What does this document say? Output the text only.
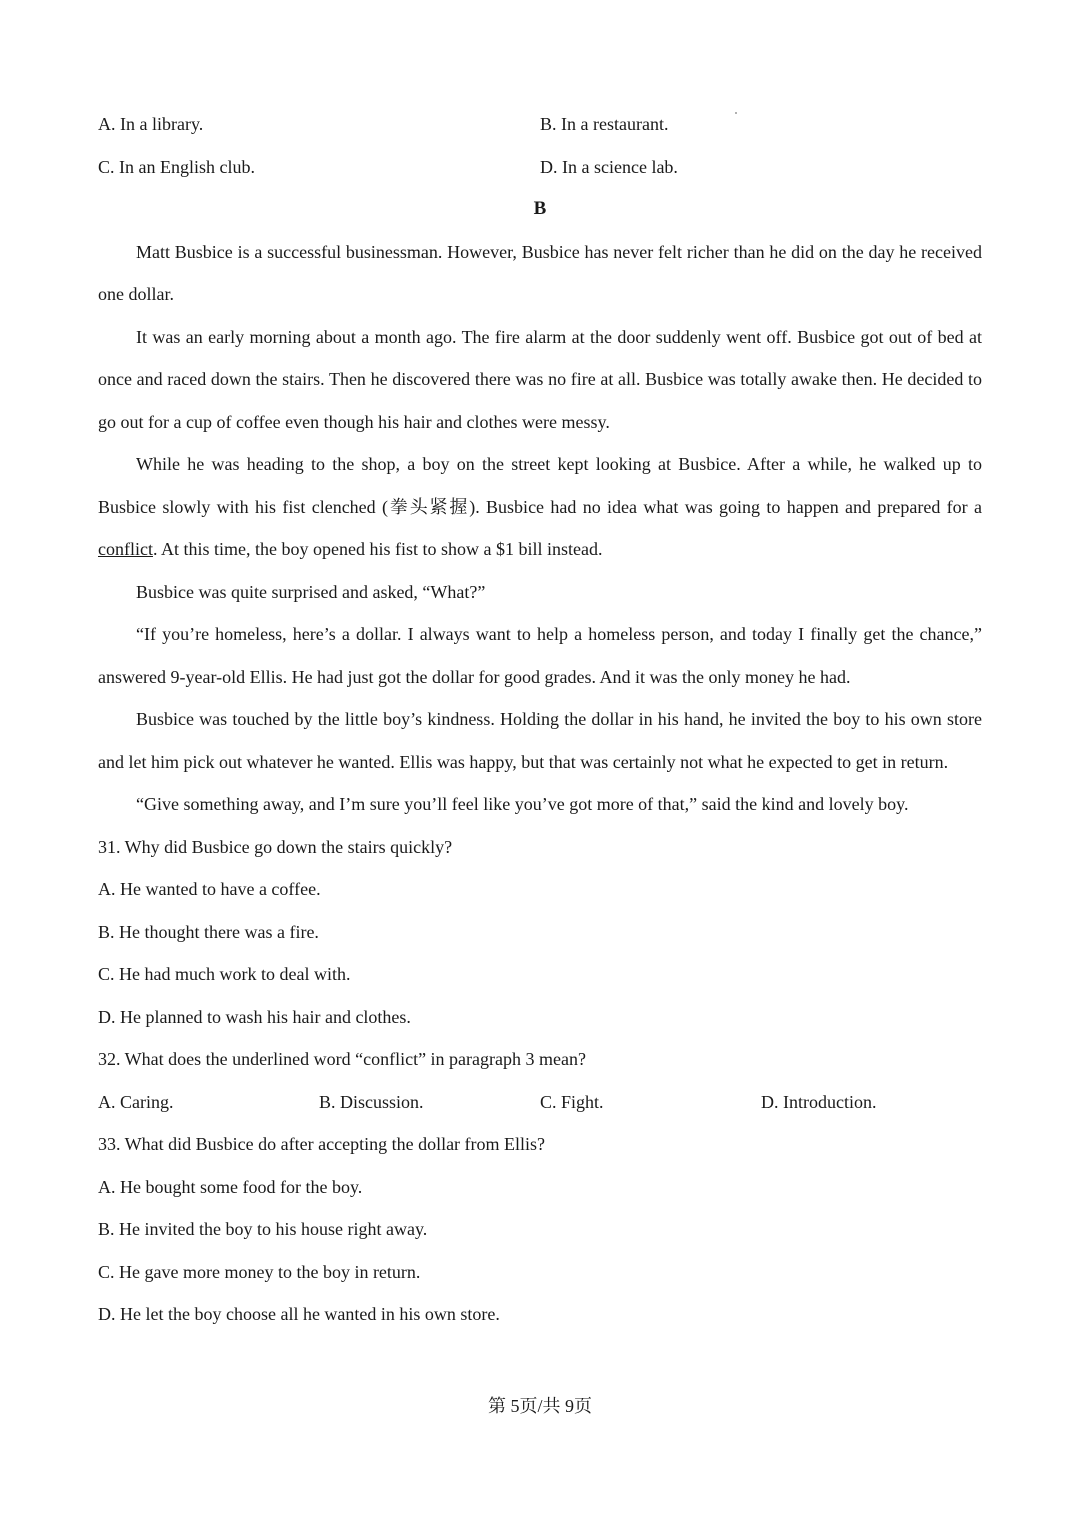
A. In a library.	B. In a restaurant.
C. In an English club.	D. In a science lab.
B
Matt Busbice is a successful businessman. However, Busbice has never felt richer than he did on the day he received one dollar.
It was an early morning about a month ago. The fire alarm at the door suddenly went off. Busbice got out of bed at once and raced down the stairs. Then he discovered there was no fire at all. Busbice was totally awake then. He decided to go out for a cup of coffee even though his hair and clothes were messy.
While he was heading to the shop, a boy on the street kept looking at Busbice. After a while, he walked up to Busbice slowly with his fist clenched (拳头紧握). Busbice had no idea what was going to happen and prepared for a conflict. At this time, the boy opened his fist to show a $1 bill instead.
Busbice was quite surprised and asked, “What?”
“If you’re homeless, here’s a dollar. I always want to help a homeless person, and today I finally get the chance,” answered 9-year-old Ellis. He had just got the dollar for good grades. And it was the only money he had.
Busbice was touched by the little boy’s kindness. Holding the dollar in his hand, he invited the boy to his own store and let him pick out whatever he wanted. Ellis was happy, but that was certainly not what he expected to get in return.
“Give something away, and I’m sure you’ll feel like you’ve got more of that,” said the kind and lovely boy.
31. Why did Busbice go down the stairs quickly?
A. He wanted to have a coffee.
B. He thought there was a fire.
C. He had much work to deal with.
D. He planned to wash his hair and clothes.
32. What does the underlined word “conflict” in paragraph 3 mean?
A. Caring.	B. Discussion.	C. Fight.	D. Introduction.
33. What did Busbice do after accepting the dollar from Ellis?
A. He bought some food for the boy.
B. He invited the boy to his house right away.
C. He gave more money to the boy in return.
D. He let the boy choose all he wanted in his own store.
第 5页/共 9页
